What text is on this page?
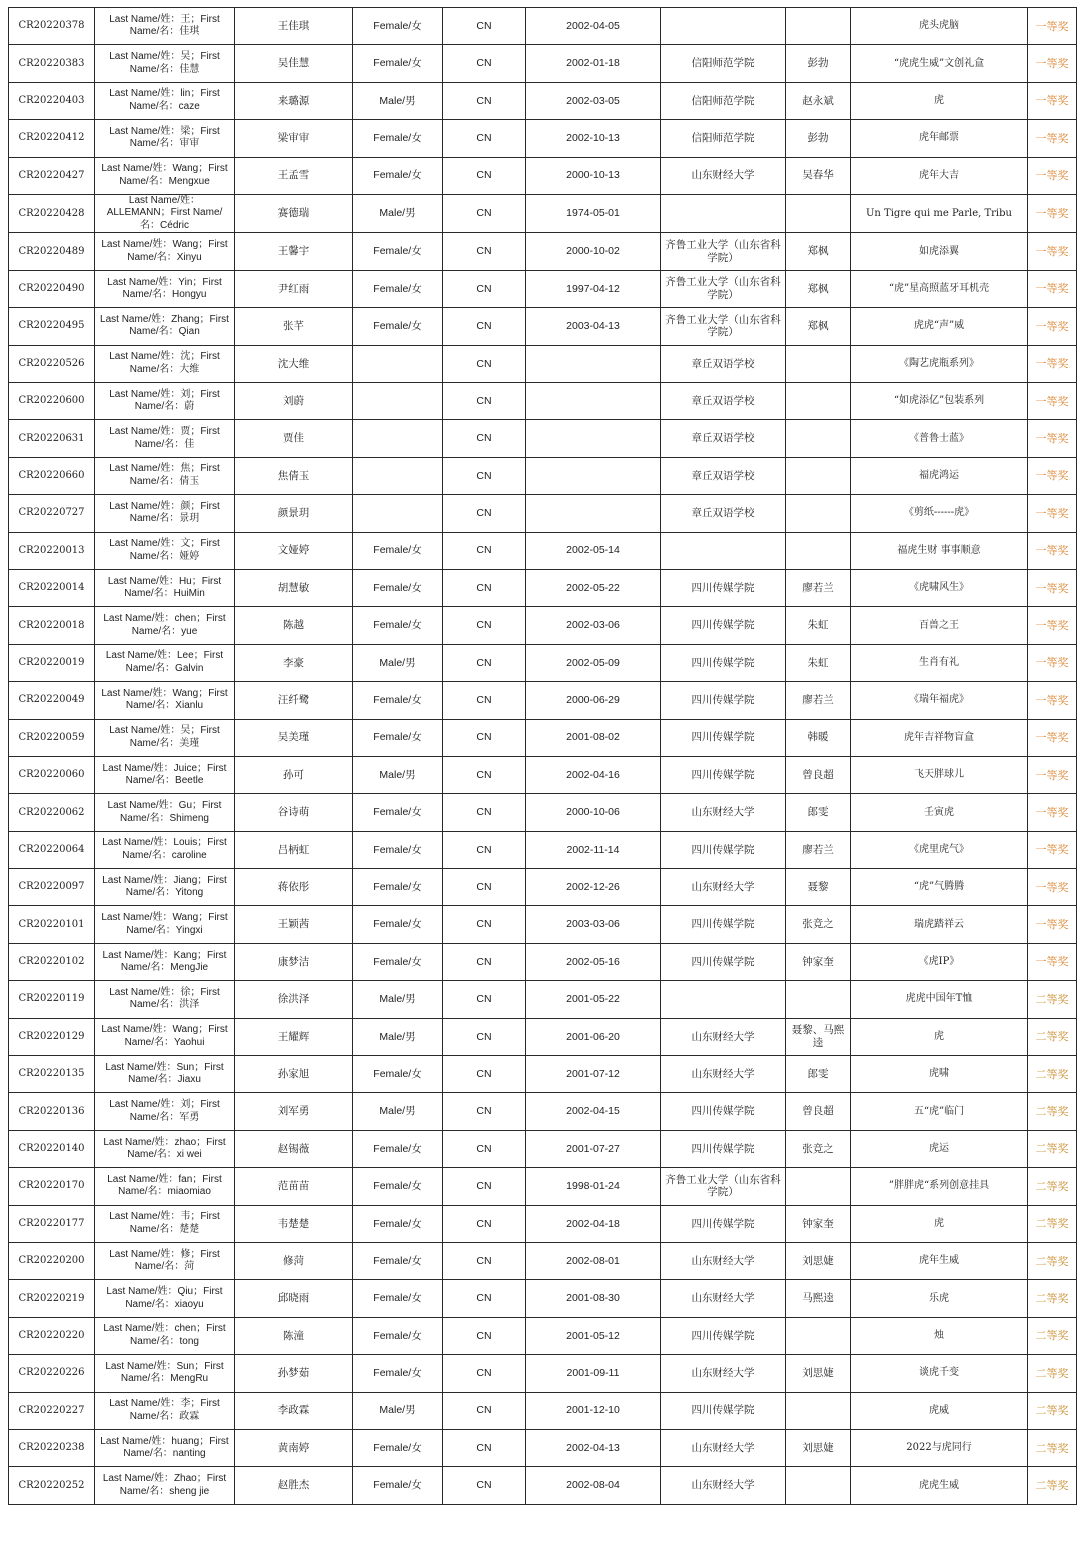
CR20220378	Last Name/姓：王；First Name/名：佳琪	王佳琪	Female/女	CN	2002-04-05			虎头虎脑	一等奖
CR20220383	Last Name/姓：吴；First Name/名：佳慧	吴佳慧	Female/女	CN	2002-01-18	信阳师范学院	彭勃	“虎虎生威”文创礼盒	一等奖
CR20220403	Last Name/姓：lin；First Name/名：caze	来璐源	Male/男	CN	2002-03-05	信阳师范学院	赵永斌	虎	一等奖
CR20220412	Last Name/姓：梁；First Name/名：审审	梁审审	Female/女	CN	2002-10-13	信阳师范学院	彭勃	虎年邮票	一等奖
CR20220427	Last Name/姓：Wang；First Name/名：Mengxue	王孟雪	Female/女	CN	2000-10-13	山东财经大学	吴春华	虎年大吉	一等奖
CR20220428	Last Name/姓：ALLEMANN；First Name/名：Cédric	赛德瑞	Male/男	CN	1974-05-01			Un Tigre qui me Parle, Tribu	一等奖
CR20220489	Last Name/姓：Wang；First Name/名：Xinyu	王馨宇	Female/女	CN	2000-10-02	齐鲁工业大学（山东省科学院）	郑枫	如虎添翼	一等奖
CR20220490	Last Name/姓：Yin；First Name/名：Hongyu	尹红雨	Female/女	CN	1997-04-12	齐鲁工业大学（山东省科学院）	郑枫	“虎”星高照蓝牙耳机壳	一等奖
CR20220495	Last Name/姓：Zhang；First Name/名：Qian	张芊	Female/女	CN	2003-04-13	齐鲁工业大学（山东省科学院）	郑枫	虎虎“声”威	一等奖
CR20220526	Last Name/姓：沈；First Name/名：大维	沈大维		CN		章丘双语学校		《陶艺虎瓶系列》	一等奖
CR20220600	Last Name/姓：刘；First Name/名：蔚	刘蔚		CN		章丘双语学校		“如虎添亿”包装系列	一等奖
CR20220631	Last Name/姓：贾；First Name/名：佳	贾佳		CN		章丘双语学校		《普鲁士蓝》	一等奖
CR20220660	Last Name/姓：焦；First Name/名：倩玉	焦倩玉		CN		章丘双语学校		福虎鸿运	一等奖
CR20220727	Last Name/姓：颜；First Name/名：景玥	颜景玥		CN		章丘双语学校		《剪纸------虎》	一等奖
CR20220013	Last Name/姓：文；First Name/名：娅婷	文娅婷	Female/女	CN	2002-05-14			福虎生财 事事顺意	一等奖
CR20220014	Last Name/姓：Hu；First Name/名：HuiMin	胡慧敏	Female/女	CN	2002-05-22	四川传媒学院	廖若兰	《虎啸风生》	一等奖
CR20220018	Last Name/姓：chen；First Name/名：yue	陈越	Female/女	CN	2002-03-06	四川传媒学院	朱虹	百兽之王	一等奖
CR20220019	Last Name/姓：Lee；First Name/名：Galvin	李豪	Male/男	CN	2002-05-09	四川传媒学院	朱虹	生肖有礼	一等奖
CR20220049	Last Name/姓：Wang；First Name/名：Xianlu	汪纤鹭	Female/女	CN	2000-06-29	四川传媒学院	廖若兰	《瑞年福虎》	一等奖
CR20220059	Last Name/姓：吴；First Name/名：美瑾	吴美瑾	Female/女	CN	2001-08-02	四川传媒学院	韩暖	虎年吉祥物盲盒	一等奖
CR20220060	Last Name/姓：Juice；First Name/名：Beetle	孙可	Male/男	CN	2002-04-16	四川传媒学院	曾良超	飞天胖球儿	一等奖
CR20220062	Last Name/姓：Gu；First Name/名：Shimeng	谷诗萌	Female/女	CN	2000-10-06	山东财经大学	郎雯	壬寅虎	一等奖
CR20220064	Last Name/姓：Louis；First Name/名：caroline	吕柄虹	Female/女	CN	2002-11-14	四川传媒学院	廖若兰	《虎里虎气》	一等奖
CR20220097	Last Name/姓：Jiang；First Name/名：Yitong	蒋依彤	Female/女	CN	2002-12-26	山东财经大学	聂黎	“虎”气腾腾	一等奖
CR20220101	Last Name/姓：Wang；First Name/名：Yingxi	王颖茜	Female/女	CN	2003-03-06	四川传媒学院	张竞之	瑞虎踏祥云	一等奖
CR20220102	Last Name/姓：Kang；First Name/名：MengJie	康梦洁	Female/女	CN	2002-05-16	四川传媒学院	钟家奎	《虎IP》	一等奖
CR20220119	Last Name/姓：徐；First Name/名：洪泽	徐洪泽	Male/男	CN	2001-05-22			虎虎中国年T恤	二等奖
CR20220129	Last Name/姓：Wang；First Name/名：Yaohui	王耀辉	Male/男	CN	2001-06-20	山东财经大学	聂黎、马熙逵	虎	二等奖
CR20220135	Last Name/姓：Sun；First Name/名：Jiaxu	孙家旭	Female/女	CN	2001-07-12	山东财经大学	郎雯	虎啸	二等奖
CR20220136	Last Name/姓：刘；First Name/名：军勇	刘军勇	Male/男	CN	2002-04-15	四川传媒学院	曾良超	五“虎”临门	二等奖
CR20220140	Last Name/姓：zhao；First Name/名：xi wei	赵锡薇	Female/女	CN	2001-07-27	四川传媒学院	张竞之	虎运	二等奖
CR20220170	Last Name/姓：fan；First Name/名：miaomiao	范苗苗	Female/女	CN	1998-01-24	齐鲁工业大学（山东省科学院）		”胖胖虎“系列创意挂具	二等奖
CR20220177	Last Name/姓：韦；First Name/名：楚楚	韦楚楚	Female/女	CN	2002-04-18	四川传媒学院	钟家奎	虎	二等奖
CR20220200	Last Name/姓：修；First Name/名：菏	修菏	Female/女	CN	2002-08-01	山东财经大学	刘思婕	虎年生威	二等奖
CR20220219	Last Name/姓：Qiu；First Name/名：xiaoyu	邱晓雨	Female/女	CN	2001-08-30	山东财经大学	马熙逵	乐虎	二等奖
CR20220220	Last Name/姓：chen；First Name/名：tong	陈潼	Female/女	CN	2001-05-12	四川传媒学院		烛	二等奖
CR20220226	Last Name/姓：Sun；First Name/名：MengRu	孙梦茹	Female/女	CN	2001-09-11	山东财经大学	刘思婕	谈虎千变	二等奖
CR20220227	Last Name/姓：李；First Name/名：政霖	李政霖	Male/男	CN	2001-12-10	四川传媒学院		虎威	二等奖
CR20220238	Last Name/姓：huang；First Name/名：nanting	黄南婷	Female/女	CN	2002-04-13	山东财经大学	刘思婕	2022与虎同行	二等奖
CR20220252	Last Name/姓：Zhao；First Name/名：sheng jie	赵胜杰	Female/女	CN	2002-08-04	山东财经大学		虎虎生威	二等奖
